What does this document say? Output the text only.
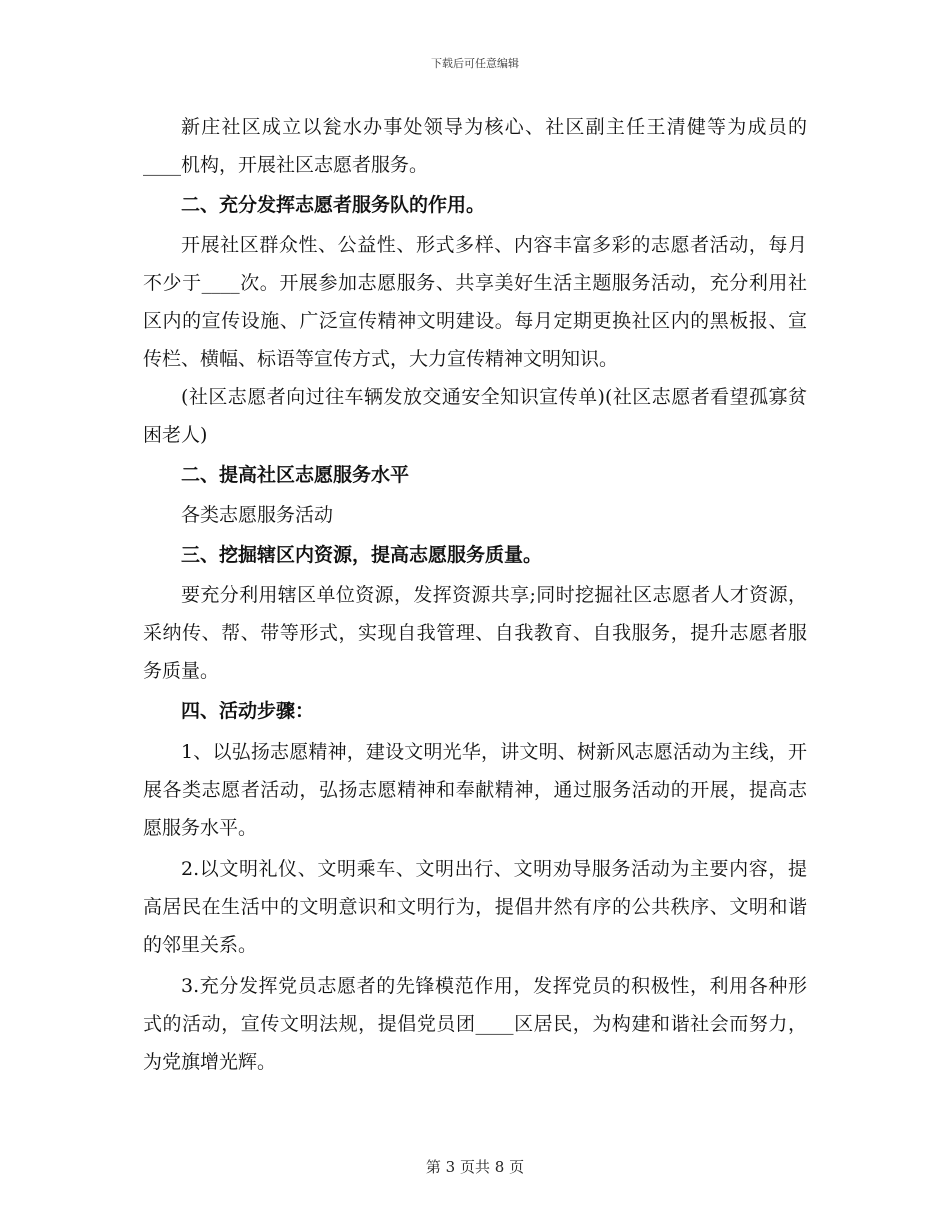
下载后可任意编辑

新庄社区成立以瓮水办事处领导为核心、社区副主任王清健等为成员的____机构，开展社区志愿者服务。

二、充分发挥志愿者服务队的作用。

开展社区群众性、公益性、形式多样、内容丰富多彩的志愿者活动，每月不少于____次。开展参加志愿服务、共享美好生活主题服务活动，充分利用社区内的宣传设施、广泛宣传精神文明建设。每月定期更换社区内的黑板报、宣传栏、横幅、标语等宣传方式，大力宣传精神文明知识。

(社区志愿者向过往车辆发放交通安全知识宣传单)(社区志愿者看望孤寡贫困老人)

二、提高社区志愿服务水平

各类志愿服务活动

三、挖掘辖区内资源，提高志愿服务质量。

要充分利用辖区单位资源，发挥资源共享;同时挖掘社区志愿者人才资源，采纳传、帮、带等形式，实现自我管理、自我教育、自我服务，提升志愿者服务质量。

四、活动步骤：

1、以弘扬志愿精神，建设文明光华，讲文明、树新风志愿活动为主线，开展各类志愿者活动，弘扬志愿精神和奉献精神，通过服务活动的开展，提高志愿服务水平。

2.以文明礼仪、文明乘车、文明出行、文明劝导服务活动为主要内容，提高居民在生活中的文明意识和文明行为，提倡井然有序的公共秩序、文明和谐的邻里关系。

3.充分发挥党员志愿者的先锋模范作用，发挥党员的积极性，利用各种形式的活动，宣传文明法规，提倡党员团____区居民，为构建和谐社会而努力，为党旗增光辉。

第 3 页共 8 页
